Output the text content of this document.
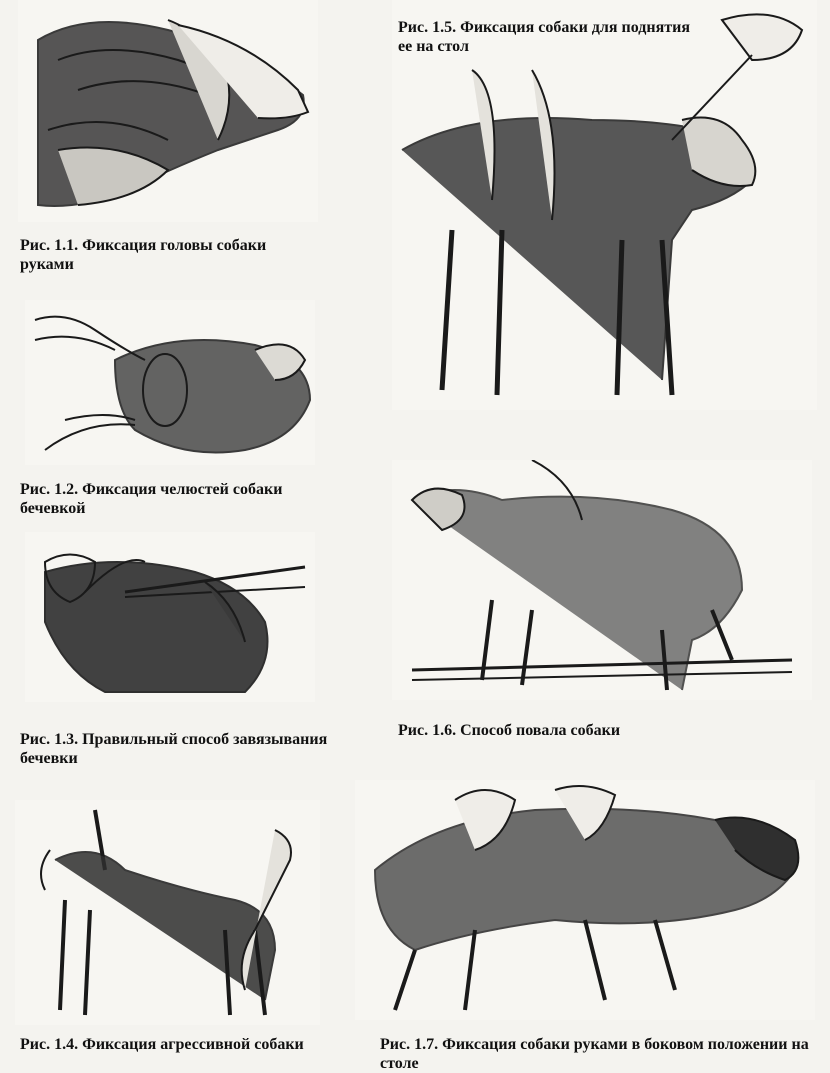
Рис. 1.1. Фиксация головы собаки руками
Рис. 1.2. Фиксация челюстей собаки бечевкой
Рис. 1.3. Правильный способ завязывания бечевки
Рис. 1.4. Фиксация агрессивной собаки
Рис. 1.5. Фиксация собаки для поднятия ее на стол
Рис. 1.6. Способ повала собаки
Рис. 1.7. Фиксация собаки руками в боковом положении на столе
